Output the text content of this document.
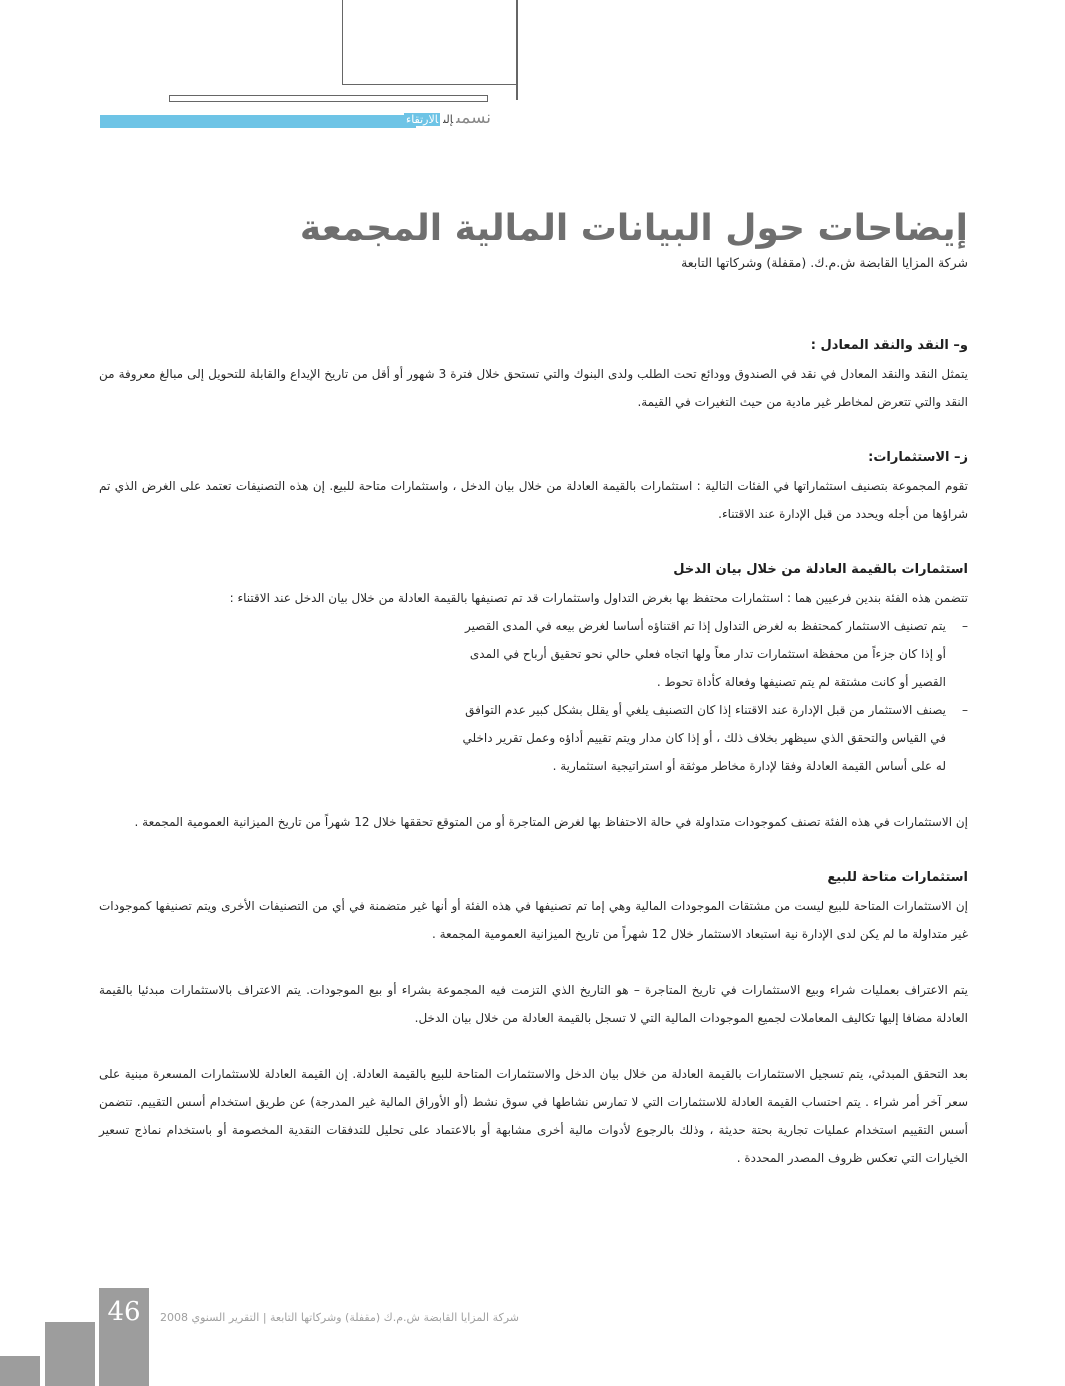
نسمىإلىالارتقاء
إيضاحات حول البيانات المالية المجمعة
شركة المزايا القابضة ش.م.ك. (مقفلة) وشركاتها التابعة
و– النقد والنقد المعادل :

يتمثل النقد والنقد المعادل في نقد في الصندوق وودائع تحت الطلب ولدى البنوك والتي تستحق خلال فترة 3 شهور أو أقل من تاريخ الإيداع والقابلة للتحويل إلى مبالغ معروفة من النقد والتي تتعرض لمخاطر غير مادية من حيث التغيرات في القيمة.

ز– الاستثمارات:

تقوم المجموعة بتصنيف استثماراتها في الفئات التالية : استثمارات بالقيمة العادلة من خلال بيان الدخل ، واستثمارات متاحة للبيع. إن هذه التصنيفات تعتمد على الغرض الذي تم شراؤها من أجله ويحدد من قبل الإدارة عند الاقتناء.

استثمارات بالقيمة العادلة من خلال بيان الدخل

تتضمن هذه الفئة بندين فرعيين هما : استثمارات محتفظ بها بغرض التداول واستثمارات قد تم تصنيفها بالقيمة العادلة من خلال بيان الدخل عند الاقتناء :

– يتم تصنيف الاستثمار كمحتفظ به لغرض التداول إذا تم اقتناؤه أساسا لغرض بيعه في المدى القصير
أو إذا كان جزءاً من محفظة استثمارات تدار معاً ولها اتجاه فعلي حالي نحو تحقيق أرباح في المدى
القصير أو كانت مشتقة لم يتم تصنيفها وفعالة كأداة تحوط .
– يصنف الاستثمار من قبل الإدارة عند الاقتناء إذا كان التصنيف يلغي أو يقلل بشكل كبير عدم التوافق
في القياس والتحقق الذي سيظهر بخلاف ذلك ، أو إذا كان مدار ويتم تقييم أداؤه وعمل تقرير داخلي
له على أساس القيمة العادلة وفقا لإدارة مخاطر موثقة أو استراتيجية استثمارية .

إن الاستثمارات في هذه الفئة تصنف كموجودات متداولة في حالة الاحتفاظ بها لغرض المتاجرة أو من المتوقع تحققها خلال 12 شهراً من تاريخ الميزانية العمومية المجمعة .

استثمارات متاحة للبيع

إن الاستثمارات المتاحة للبيع ليست من مشتقات الموجودات المالية وهي إما تم تصنيفها في هذه الفئة أو أنها غير متضمنة في أي من التصنيفات الأخرى ويتم تصنيفها كموجودات غير متداولة ما لم يكن لدى الإدارة نية استبعاد الاستثمار خلال 12 شهراً من تاريخ الميزانية العمومية المجمعة .

يتم الاعتراف بعمليات شراء وبيع الاستثمارات في تاريخ المتاجرة – هو التاريخ الذي التزمت فيه المجموعة بشراء أو بيع الموجودات. يتم الاعتراف بالاستثمارات مبدئيا بالقيمة العادلة مضافا إليها تكاليف المعاملات لجميع الموجودات المالية التي لا تسجل بالقيمة العادلة من خلال بيان الدخل.

بعد التحقق المبدئي، يتم تسجيل الاستثمارات بالقيمة العادلة من خلال بيان الدخل والاستثمارات المتاحة للبيع بالقيمة العادلة. إن القيمة العادلة للاستثمارات المسعرة مبنية على سعر آخر أمر شراء . يتم احتساب القيمة العادلة للاستثمارات التي لا تمارس نشاطها في سوق نشط (أو الأوراق المالية غير المدرجة) عن طريق استخدام أسس التقييم. تتضمن أسس التقييم استخدام عمليات تجارية بحتة حديثة ، وذلك بالرجوع لأدوات مالية أخرى مشابهة أو بالاعتماد على تحليل للتدفقات النقدية المخصومة أو باستخدام نماذج تسعير الخيارات التي تعكس ظروف المصدر المحددة .

46	شركة المزايا القابضة ش.م.ك (مقفلة) وشركاتها التابعة | التقرير السنوي 2008
